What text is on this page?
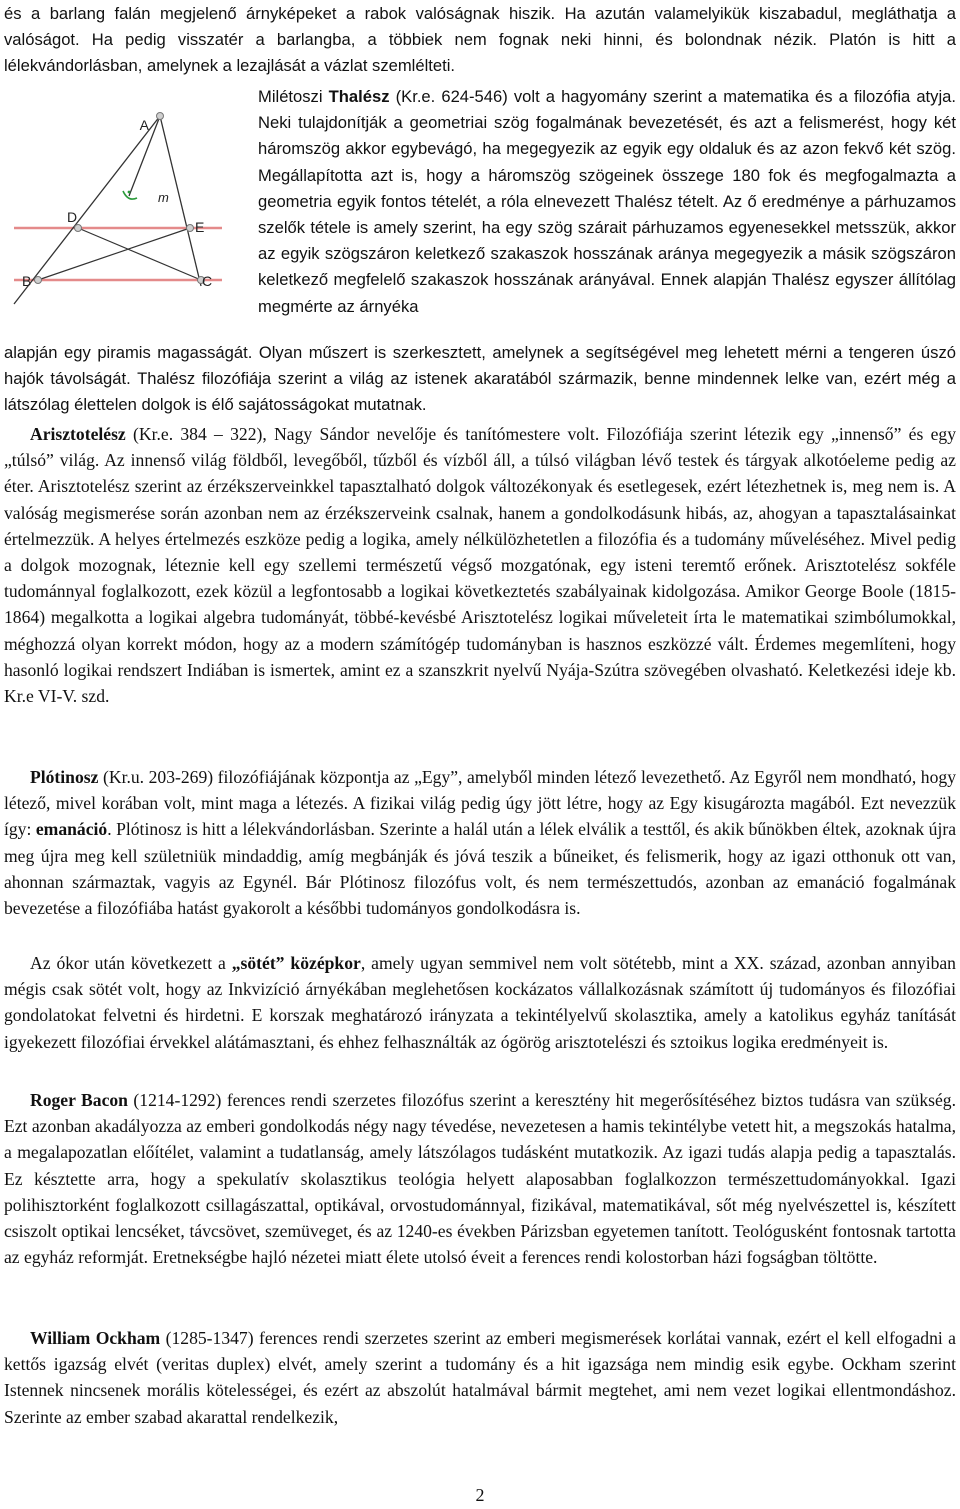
és a barlang falán megjelenő árnyképeket a rabok valóságnak hiszik. Ha azután valamelyikük kiszabadul, megláthatja a valóságot. Ha pedig visszatér a barlangba, a többiek nem fognak neki hinni, és bolondnak nézik. Platón is hitt a lélekvándorlásban, amelynek a lezajlását a vázlat szemlélteti.

A
D
E
B	C
m

Milétoszi Thalész (Kr.e. 624-546) volt a hagyomány szerint a matematika és a filozófia atyja. Neki tulajdonítják a geometriai szög fogalmának bevezetését, és azt a felismerést, hogy két háromszög akkor egybevágó, ha megegyezik az egyik egy oldaluk és az azon fekvő két szög. Megállapította azt is, hogy a háromszög szögeinek összege 180 fok és megfogalmazta a geometria egyik fontos tételét, a róla elnevezett Thalész tételt. Az ő eredménye a párhuzamos szelők tétele is amely szerint, ha egy szög szárait párhuzamos egyenesekkel metsszük, akkor az egyik szögszáron keletkező szakaszok hosszának aránya megegyezik a másik szögszáron keletkező megfelelő szakaszok hosszának arányával. Ennek alapján Thalész egyszer állítólag megmérte az árnyéka

alapján egy piramis magasságát. Olyan műszert is szerkesztett, amelynek a segítségével meg lehetett mérni a tengeren úszó hajók távolságát. Thalész filozófiája szerint a világ az istenek akaratából származik, benne mindennek lelke van, ezért még a látszólag élettelen dolgok is élő sajátosságokat mutatnak.

Arisztotelész (Kr.e. 384 – 322), Nagy Sándor nevelője és tanítómestere volt. Filozófiája szerint létezik egy „innenső” és egy „túlsó” világ. Az innenső világ földből, levegőből, tűzből és vízből áll, a túlsó világban lévő testek és tárgyak alkotóeleme pedig az éter. Arisztotelész szerint az érzékszerveinkkel tapasztalható dolgok változékonyak és esetlegesek, ezért létezhetnek is, meg nem is. A valóság megismerése során azonban nem az érzékszerveink csalnak, hanem a gondolkodásunk hibás, az, ahogyan a tapasztalásainkat értelmezzük. A helyes értelmezés eszköze pedig a logika, amely nélkülözhetetlen a filozófia és a tudomány műveléséhez. Mivel pedig a dolgok mozognak, léteznie kell egy szellemi természetű végső mozgatónak, egy isteni teremtő erőnek. Arisztotelész sokféle tudománnyal foglalkozott, ezek közül a legfontosabb a logikai következtetés szabályainak kidolgozása. Amikor George Boole (1815-1864) megalkotta a logikai algebra tudományát, többé-kevésbé Arisztotelész logikai műveleteit írta le matematikai szimbólumokkal, méghozzá olyan korrekt módon, hogy az a modern számítógép tudományban is hasznos eszközzé vált. Érdemes megemlíteni, hogy hasonló logikai rendszert Indiában is ismertek, amint ez a szanszkrit nyelvű Nyája-Szútra szövegében olvasható. Keletkezési ideje kb. Kr.e VI-V. szd.

Plótinosz (Kr.u. 203-269) filozófiájának központja az „Egy”, amelyből minden létező levezethető. Az Egyről nem mondható, hogy létező, mivel korában volt, mint maga a létezés. A fizikai világ pedig úgy jött létre, hogy az Egy kisugározta magából. Ezt nevezzük így: emanáció. Plótinosz is hitt a lélekvándorlásban. Szerinte a halál után a lélek elválik a testtől, és akik bűnökben éltek, azoknak újra meg újra meg kell születniük mindaddig, amíg megbánják és jóvá teszik a bűneiket, és felismerik, hogy az igazi otthonuk ott van, ahonnan származtak, vagyis az Egynél. Bár Plótinosz filozófus volt, és nem természettudós, azonban az emanáció fogalmának bevezetése a filozófiába hatást gyakorolt a későbbi tudományos gondolkodásra is.

Az ókor után következett a „sötét” középkor, amely ugyan semmivel nem volt sötétebb, mint a XX. század, azonban annyiban mégis csak sötét volt, hogy az Inkvizíció árnyékában meglehetősen kockázatos vállalkozásnak számított új tudományos és filozófiai gondolatokat felvetni és hirdetni. E korszak meghatározó irányzata a tekintélyelvű skolasztika, amely a katolikus egyház tanítását igyekezett filozófiai érvekkel alátámasztani, és ehhez felhasználták az ógörög arisztotelészi és sztoikus logika eredményeit is.

Roger Bacon (1214-1292) ferences rendi szerzetes filozófus szerint a keresztény hit megerősítéséhez biztos tudásra van szükség. Ezt azonban akadályozza az emberi gondolkodás négy nagy tévedése, nevezetesen a hamis tekintélybe vetett hit, a megszokás hatalma, a megalapozatlan előítélet, valamint a tudatlanság, amely látszólagos tudásként mutatkozik. Az igazi tudás alapja pedig a tapasztalás. Ez késztette arra, hogy a spekulatív skolasztikus teológia helyett alaposabban foglalkozzon természettudományokkal. Igazi polihisztorként foglalkozott csillagászattal, optikával, orvostudománnyal, fizikával, matematikával, sőt még nyelvészettel is, készített csiszolt optikai lencséket, távcsövet, szemüveget, és az 1240-es években Párizsban egyetemen tanított. Teológusként fontosnak tartotta az egyház reformját. Eretnekségbe hajló nézetei miatt élete utolsó éveit a ferences rendi kolostorban házi fogságban töltötte.

William Ockham (1285-1347) ferences rendi szerzetes szerint az emberi megismerések korlátai vannak, ezért el kell elfogadni a kettős igazság elvét (veritas duplex) elvét, amely szerint a tudomány és a hit igazsága nem mindig esik egybe. Ockham szerint Istennek nincsenek morális kötelességei, és ezért az abszolút hatalmával bármit megtehet, ami nem vezet logikai ellentmondáshoz. Szerinte az ember szabad akarattal rendelkezik,

2
